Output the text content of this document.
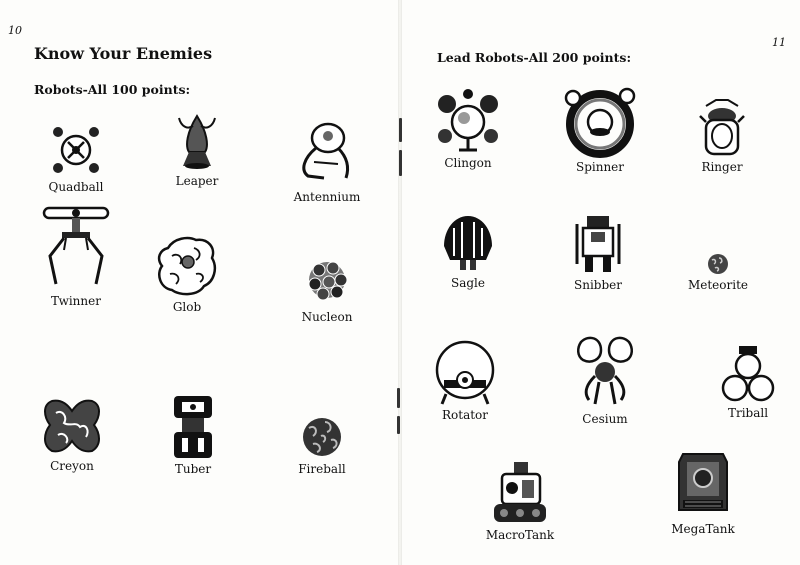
10
Know Your Enemies

Robots-All 100 points:

Quadball	Leaper
Antennium
Twinner	Glob
Nucleon
Creyon	Tuber	Fireball
11

Lead Robots-All 200 points:

Clingon	Spinner	Ringer
Sagle	Snibber	Meteorite
Rotator	Cesium	Triball
MacroTank	MegaTank
